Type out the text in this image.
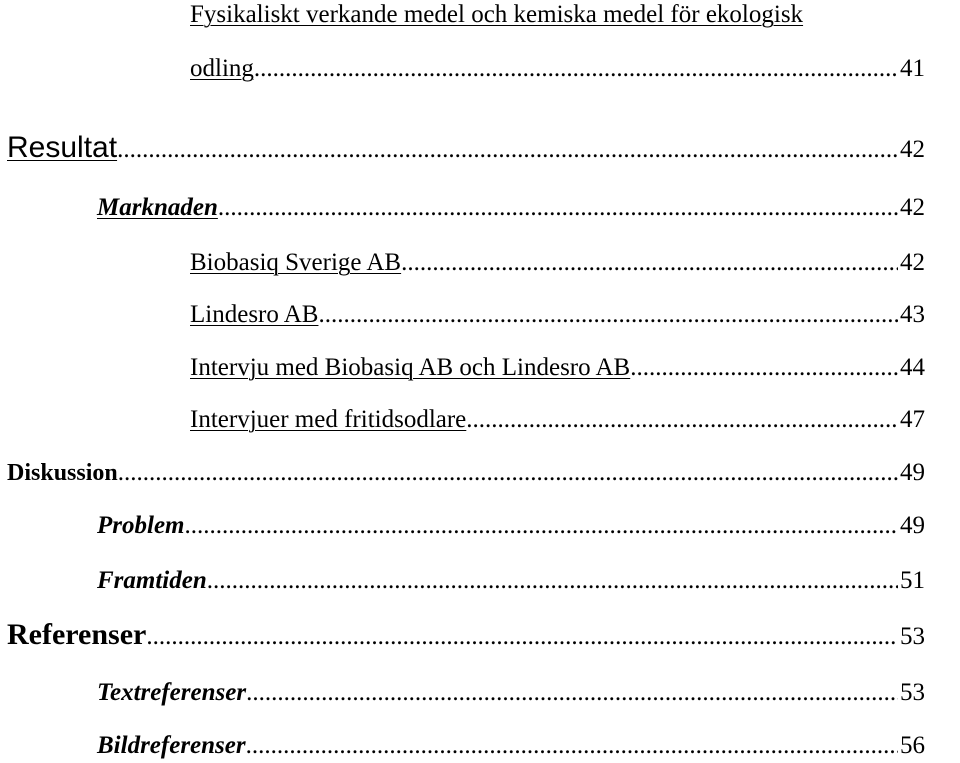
Fysikaliskt verkande medel och kemiska medel för ekologisk
odling .....	41
Resultat .....	42
Marknaden .....	42
Biobasiq Sverige AB .....	42
Lindesro AB .....	43
Intervju med Biobasiq AB och Lindesro AB .....	44
Intervjuer med fritidsodlare .....	47
Diskussion .....	49
Problem .....	49
Framtiden .....	51
Referenser .....	53
Textreferenser .....	53
Bildreferenser .....	56
